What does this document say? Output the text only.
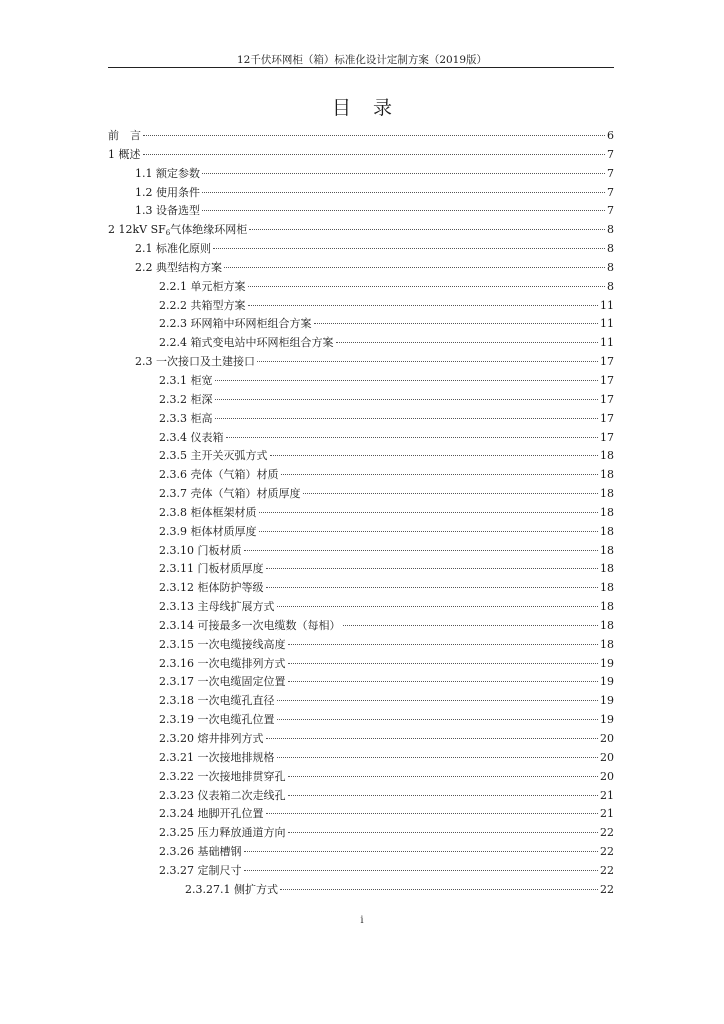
12千伏环网柜（箱）标准化设计定制方案（2019版）
目录
前　言	6
1 概述	7
1.1 额定参数	7
1.2 使用条件	7
1.3 设备选型	7
2 12kV $SF_6$气体绝缘环网柜	8
2.1 标准化原则	8
2.2 典型结构方案	8
2.2.1 单元柜方案	8
2.2.2 共箱型方案	11
2.2.3 环网箱中环网柜组合方案	11
2.2.4 箱式变电站中环网柜组合方案	11
2.3 一次接口及土建接口	17
2.3.1 柜宽	17
2.3.2 柜深	17
2.3.3 柜高	17
2.3.4 仪表箱	17
2.3.5 主开关灭弧方式	18
2.3.6 壳体（气箱）材质	18
2.3.7 壳体（气箱）材质厚度	18
2.3.8 柜体框架材质	18
2.3.9 柜体材质厚度	18
2.3.10 门板材质	18
2.3.11 门板材质厚度	18
2.3.12 柜体防护等级	18
2.3.13 主母线扩展方式	18
2.3.14 可接最多一次电缆数（每相）	18
2.3.15 一次电缆接线高度	18
2.3.16 一次电缆排列方式	19
2.3.17 一次电缆固定位置	19
2.3.18 一次电缆孔直径	19
2.3.19 一次电缆孔位置	19
2.3.20 熔井排列方式	20
2.3.21 一次接地排规格	20
2.3.22 一次接地排贯穿孔	20
2.3.23 仪表箱二次走线孔	21
2.3.24 地脚开孔位置	21
2.3.25 压力释放通道方向	22
2.3.26 基础槽钢	22
2.3.27 定制尺寸	22
2.3.27.1 侧扩方式	22
i
